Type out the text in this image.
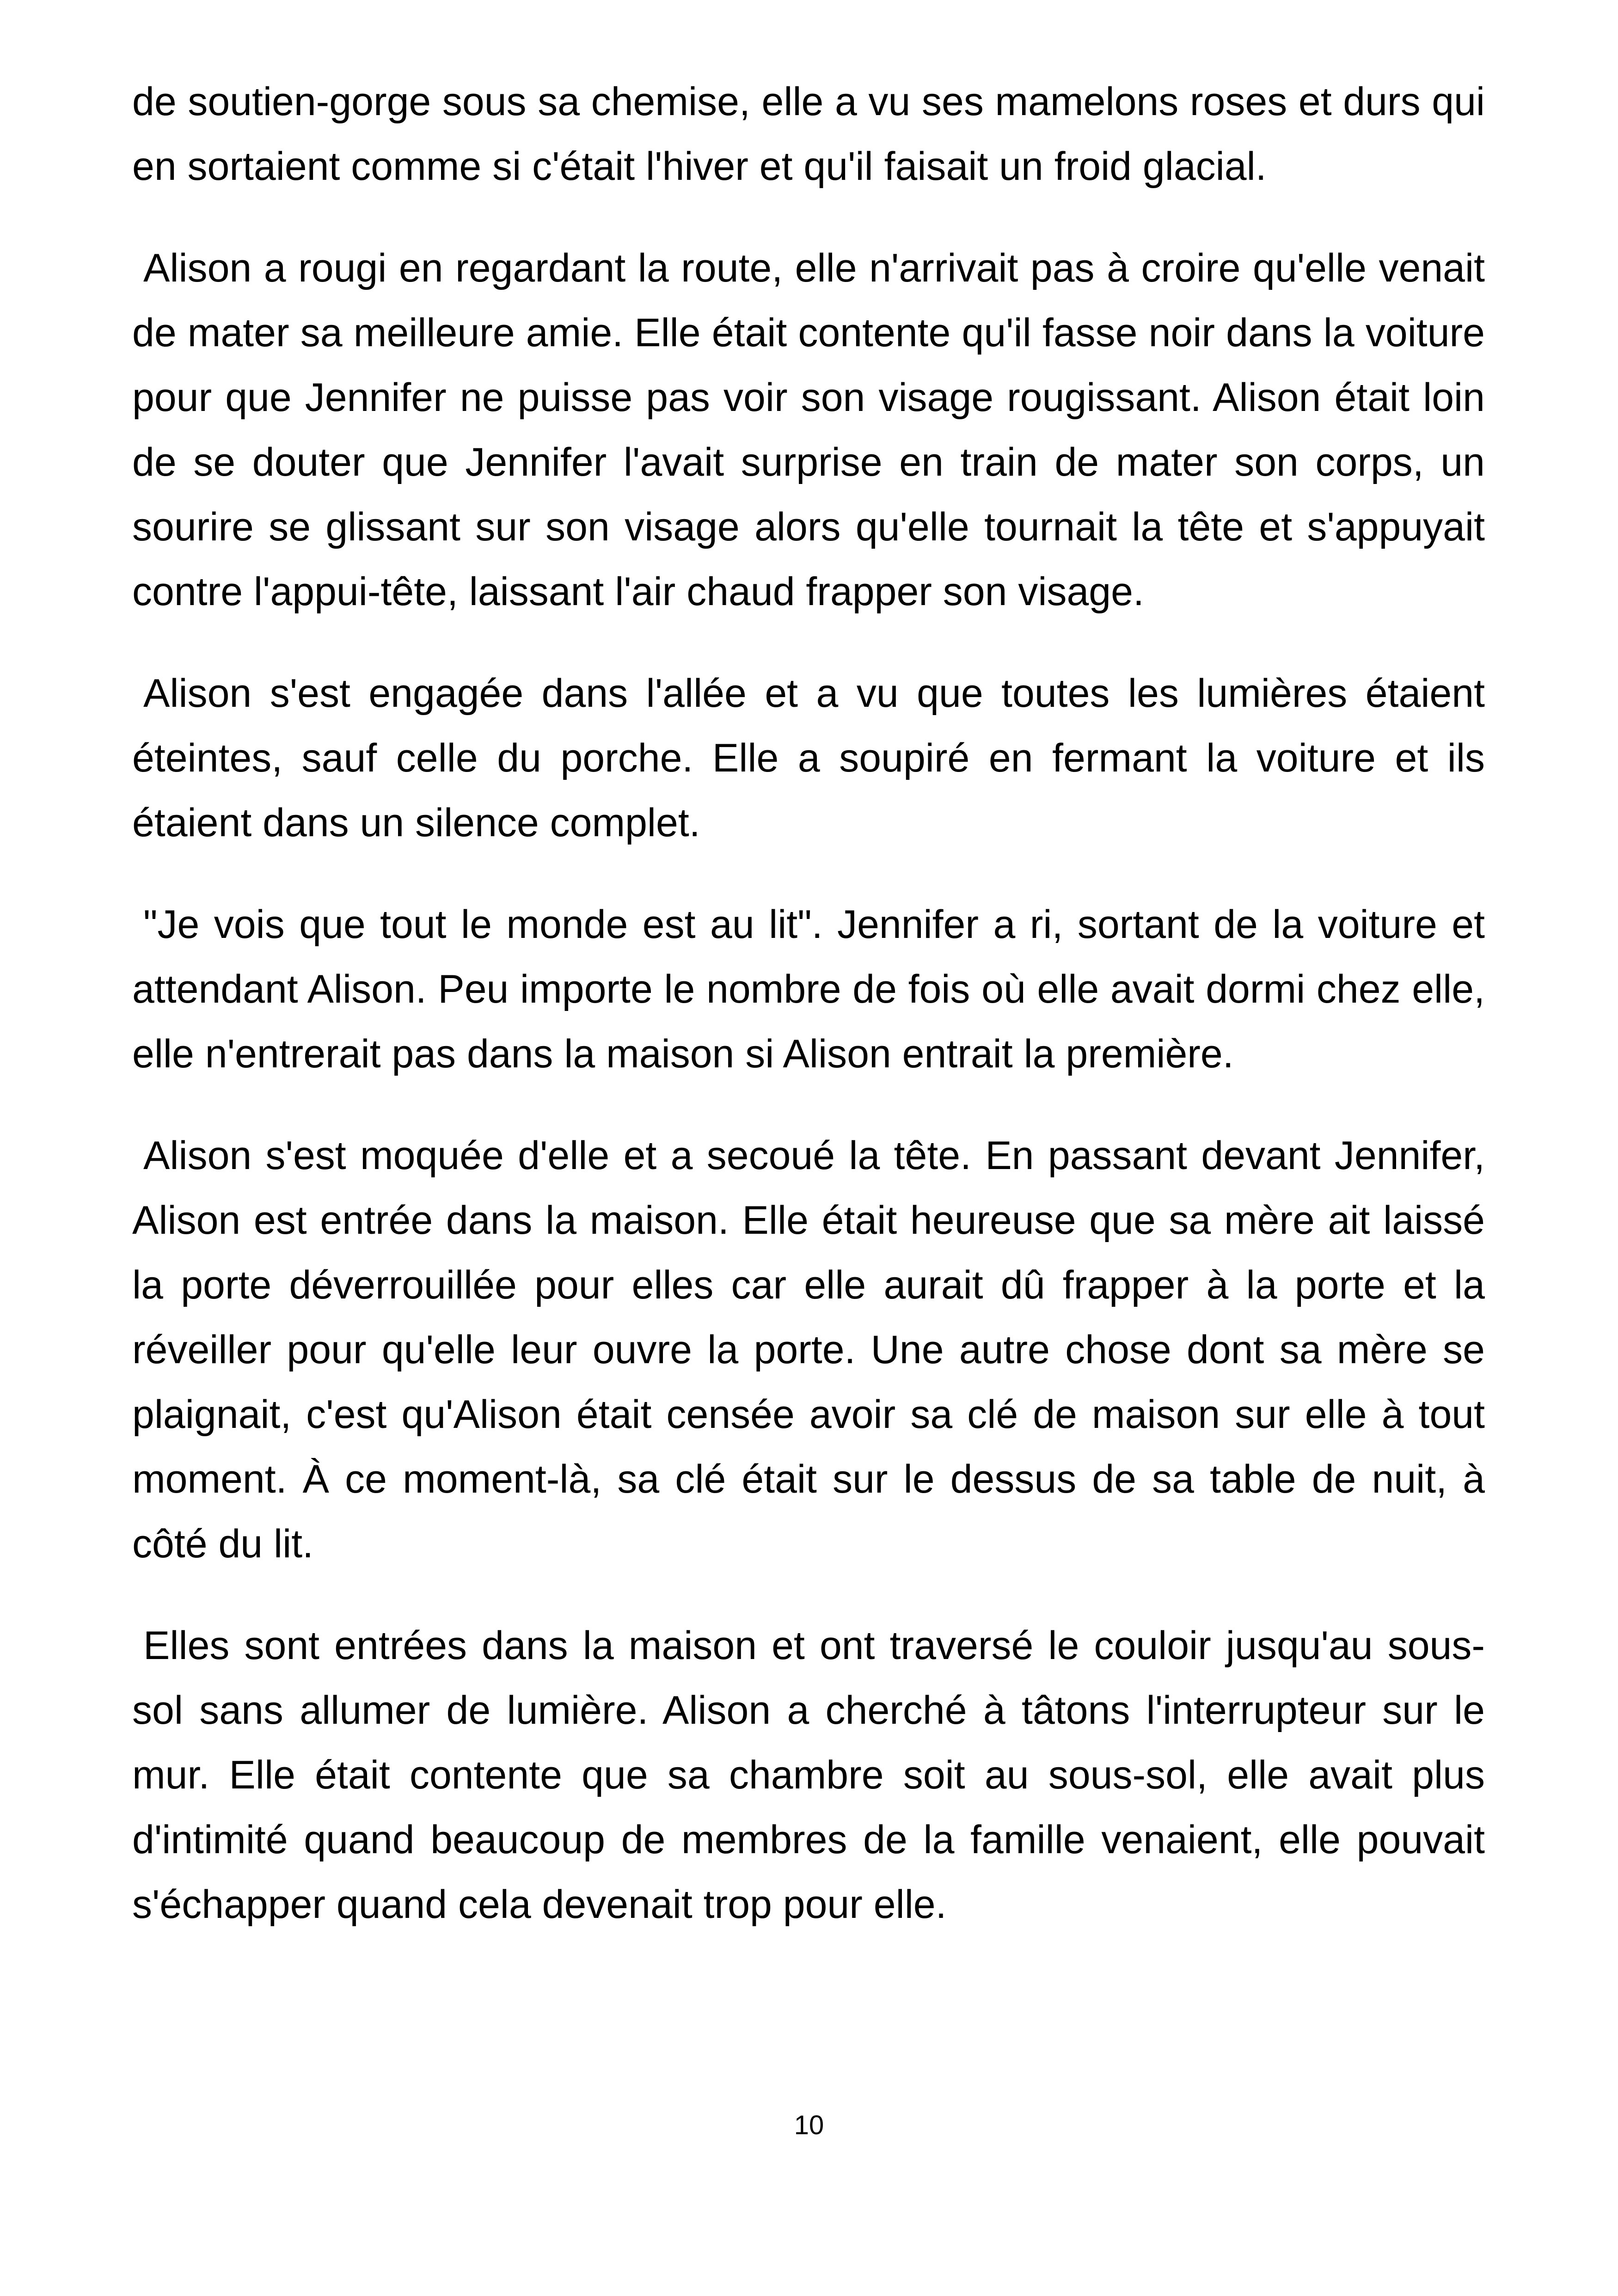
de soutien-gorge sous sa chemise, elle a vu ses mamelons roses et durs qui en sortaient comme si c'était l'hiver et qu'il faisait un froid glacial.

Alison a rougi en regardant la route, elle n'arrivait pas à croire qu'elle venait de mater sa meilleure amie. Elle était contente qu'il fasse noir dans la voiture pour que Jennifer ne puisse pas voir son visage rougissant. Alison était loin de se douter que Jennifer l'avait surprise en train de mater son corps, un sourire se glissant sur son visage alors qu'elle tournait la tête et s'appuyait contre l'appui-tête, laissant l'air chaud frapper son visage.

Alison s'est engagée dans l'allée et a vu que toutes les lumières étaient éteintes, sauf celle du porche. Elle a soupiré en fermant la voiture et ils étaient dans un silence complet.

"Je vois que tout le monde est au lit". Jennifer a ri, sortant de la voiture et attendant Alison. Peu importe le nombre de fois où elle avait dormi chez elle, elle n'entrerait pas dans la maison si Alison entrait la première.

Alison s'est moquée d'elle et a secoué la tête. En passant devant Jennifer, Alison est entrée dans la maison. Elle était heureuse que sa mère ait laissé la porte déverrouillée pour elles car elle aurait dû frapper à la porte et la réveiller pour qu'elle leur ouvre la porte. Une autre chose dont sa mère se plaignait, c'est qu'Alison était censée avoir sa clé de maison sur elle à tout moment. À ce moment-là, sa clé était sur le dessus de sa table de nuit, à côté du lit.

Elles sont entrées dans la maison et ont traversé le couloir jusqu'au sous-sol sans allumer de lumière. Alison a cherché à tâtons l'interrupteur sur le mur. Elle était contente que sa chambre soit au sous-sol, elle avait plus d'intimité quand beaucoup de membres de la famille venaient, elle pouvait s'échapper quand cela devenait trop pour elle.

10
